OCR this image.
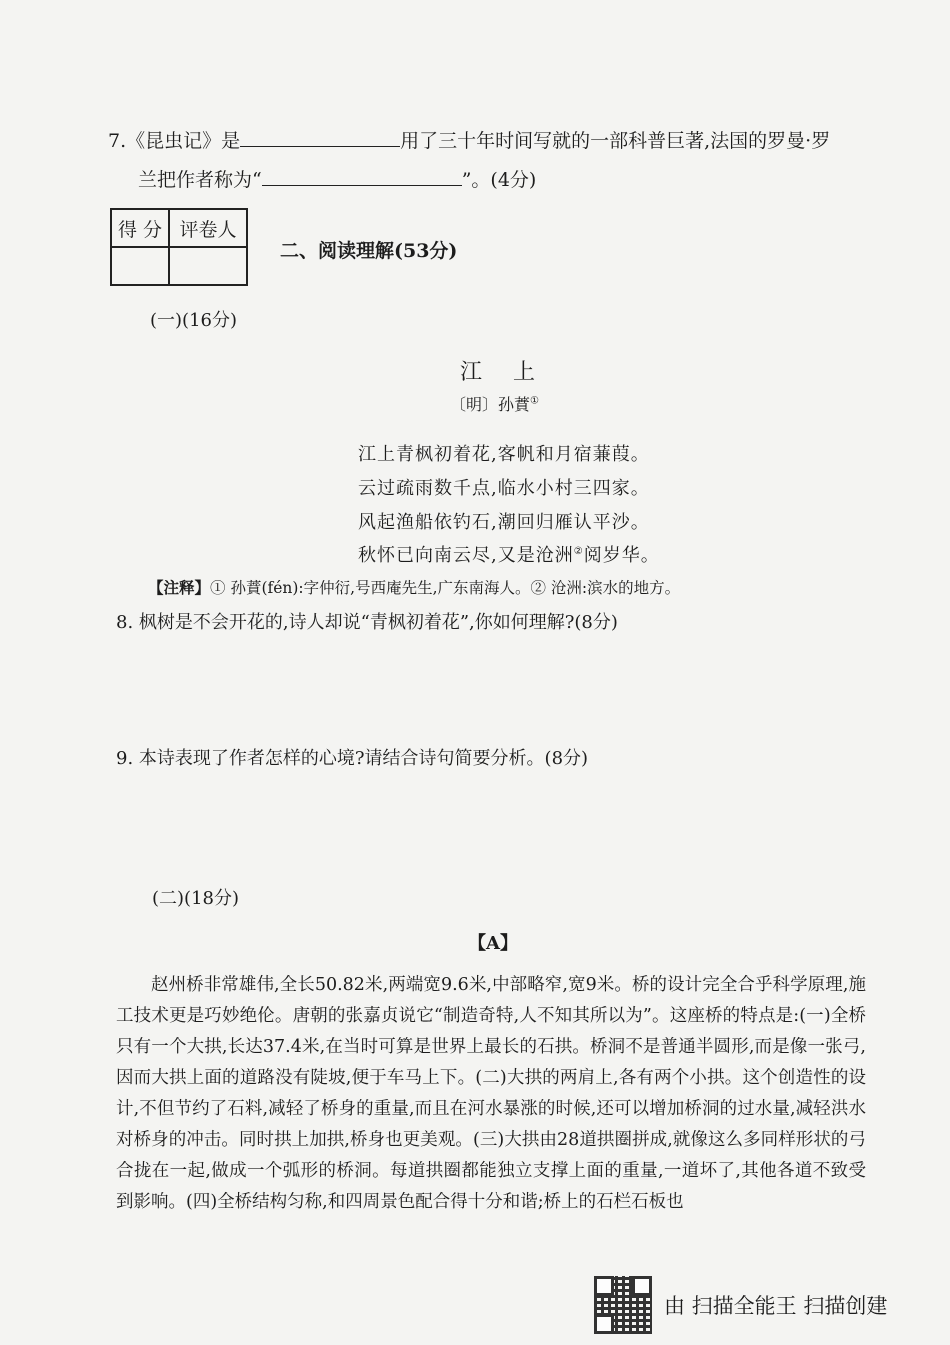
7.《昆虫记》是	用了三十年时间写就的一部科普巨著,法国的罗曼·罗
兰把作者称为“	”。(4分)
得 分	评卷人

二、阅读理解(53分)
(一)(16分)
江 上
〔明〕孙蕡①
江上青枫初着花,客帆和月宿蒹葭。
云过疏雨数千点,临水小村三四家。
风起渔船依钓石,潮回归雁认平沙。
秋怀已向南云尽,又是沧洲②阅岁华。
【注释】① 孙蕡(fén):字仲衍,号西庵先生,广东南海人。② 沧洲:滨水的地方。
8. 枫树是不会开花的,诗人却说“青枫初着花”,你如何理解?(8分)
9. 本诗表现了作者怎样的心境?请结合诗句简要分析。(8分)
(二)(18分)
【A】

赵州桥非常雄伟,全长50.82米,两端宽9.6米,中部略窄,宽9米。桥的设计完全合乎科学原理,施工技术更是巧妙绝伦。唐朝的张嘉贞说它“制造奇特,人不知其所以为”。这座桥的特点是:(一)全桥只有一个大拱,长达37.4米,在当时可算是世界上最长的石拱。桥洞不是普通半圆形,而是像一张弓,因而大拱上面的道路没有陡坡,便于车马上下。(二)大拱的两肩上,各有两个小拱。这个创造性的设计,不但节约了石料,减轻了桥身的重量,而且在河水暴涨的时候,还可以增加桥洞的过水量,减轻洪水对桥身的冲击。同时拱上加拱,桥身也更美观。(三)大拱由28道拱圈拼成,就像这么多同样形状的弓合拢在一起,做成一个弧形的桥洞。每道拱圈都能独立支撑上面的重量,一道坏了,其他各道不致受到影响。(四)全桥结构匀称,和四周景色配合得十分和谐;桥上的石栏石板也

由 扫描全能王 扫描创建
